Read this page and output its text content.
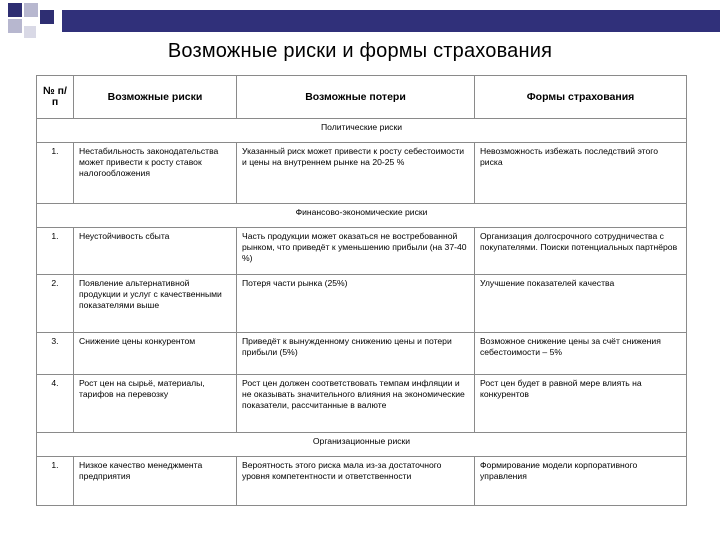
Возможные риски и формы страхования
№ п/п	Возможные риски	Возможные потери	Формы страхования
Политические риски			
1.	Нестабильность законодательства может привести к росту ставок налогообложения	Указанный риск может привести к росту себестоимости и цены на внутреннем рынке на 20-25 %	Невозможность избежать последствий этого риска
Финансово-экономические риски			
1.	Неустойчивость сбыта	Часть продукции может оказаться не востребованной рынком, что приведёт к уменьшению прибыли (на 37-40 %)	Организация долгосрочного сотрудничества с покупателями. Поиски потенциальных партнёров
2.	Появление альтернативной продукции и услуг с качественными показателями выше	Потеря части рынка (25%)	Улучшение показателей качества
3.	Снижение цены конкурентом	Приведёт к вынужденному снижению цены и потери прибыли (5%)	Возможное снижение цены за счёт снижения себестоимости – 5%
4.	Рост цен на сырьё, материалы, тарифов на перевозку	Рост цен должен соответствовать темпам инфляции и не оказывать значительного влияния на экономические показатели, рассчитанные в валюте	Рост цен будет в равной мере влиять на конкурентов
Организационные риски			
1.	Низкое качество менеджмента предприятия	Вероятность этого риска мала из-за достаточного уровня компетентности и ответственности	Формирование модели корпоративного управления
